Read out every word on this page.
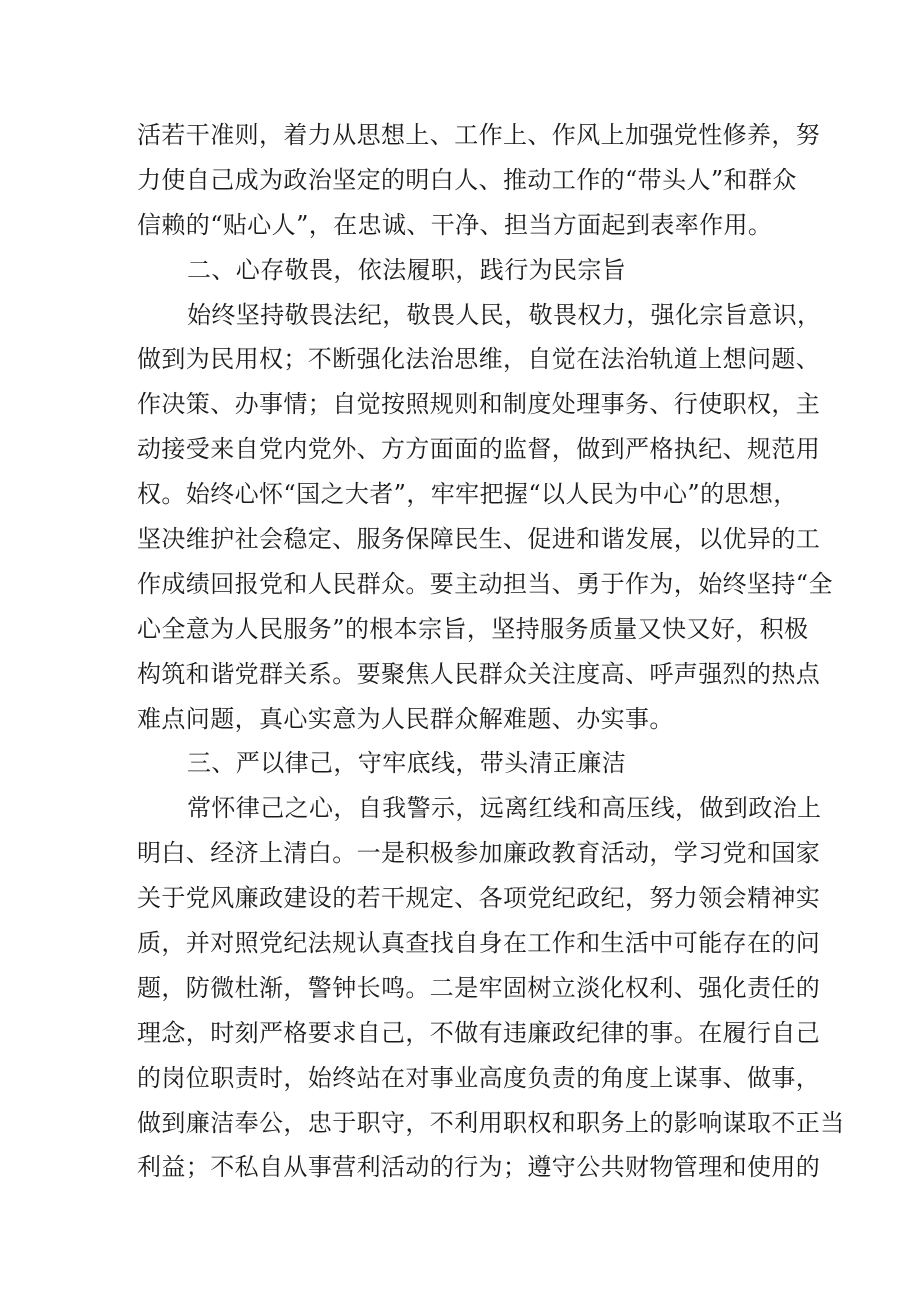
活若干准则，着力从思想上、工作上、作风上加强党性修养，努
力使自己成为政治坚定的明白人、推动工作的“带头人”和群众
信赖的“贴心人”，在忠诚、干净、担当方面起到表率作用。
二、心存敬畏，依法履职，践行为民宗旨
始终坚持敬畏法纪，敬畏人民，敬畏权力，强化宗旨意识，
做到为民用权；不断强化法治思维，自觉在法治轨道上想问题、
作决策、办事情；自觉按照规则和制度处理事务、行使职权，主
动接受来自党内党外、方方面面的监督，做到严格执纪、规范用
权。始终心怀“国之大者”，牢牢把握“以人民为中心”的思想，
坚决维护社会稳定、服务保障民生、促进和谐发展，以优异的工
作成绩回报党和人民群众。要主动担当、勇于作为，始终坚持“全
心全意为人民服务”的根本宗旨，坚持服务质量又快又好，积极
构筑和谐党群关系。要聚焦人民群众关注度高、呼声强烈的热点
难点问题，真心实意为人民群众解难题、办实事。
三、严以律己，守牢底线，带头清正廉洁
常怀律己之心，自我警示，远离红线和高压线，做到政治上
明白、经济上清白。一是积极参加廉政教育活动，学习党和国家
关于党风廉政建设的若干规定、各项党纪政纪，努力领会精神实
质，并对照党纪法规认真查找自身在工作和生活中可能存在的问
题，防微杜渐，警钟长鸣。二是牢固树立淡化权利、强化责任的
理念，时刻严格要求自己，不做有违廉政纪律的事。在履行自己
的岗位职责时，始终站在对事业高度负责的角度上谋事、做事，
做到廉洁奉公，忠于职守，不利用职权和职务上的影响谋取不正当
利益；不私自从事营利活动的行为；遵守公共财物管理和使用的
